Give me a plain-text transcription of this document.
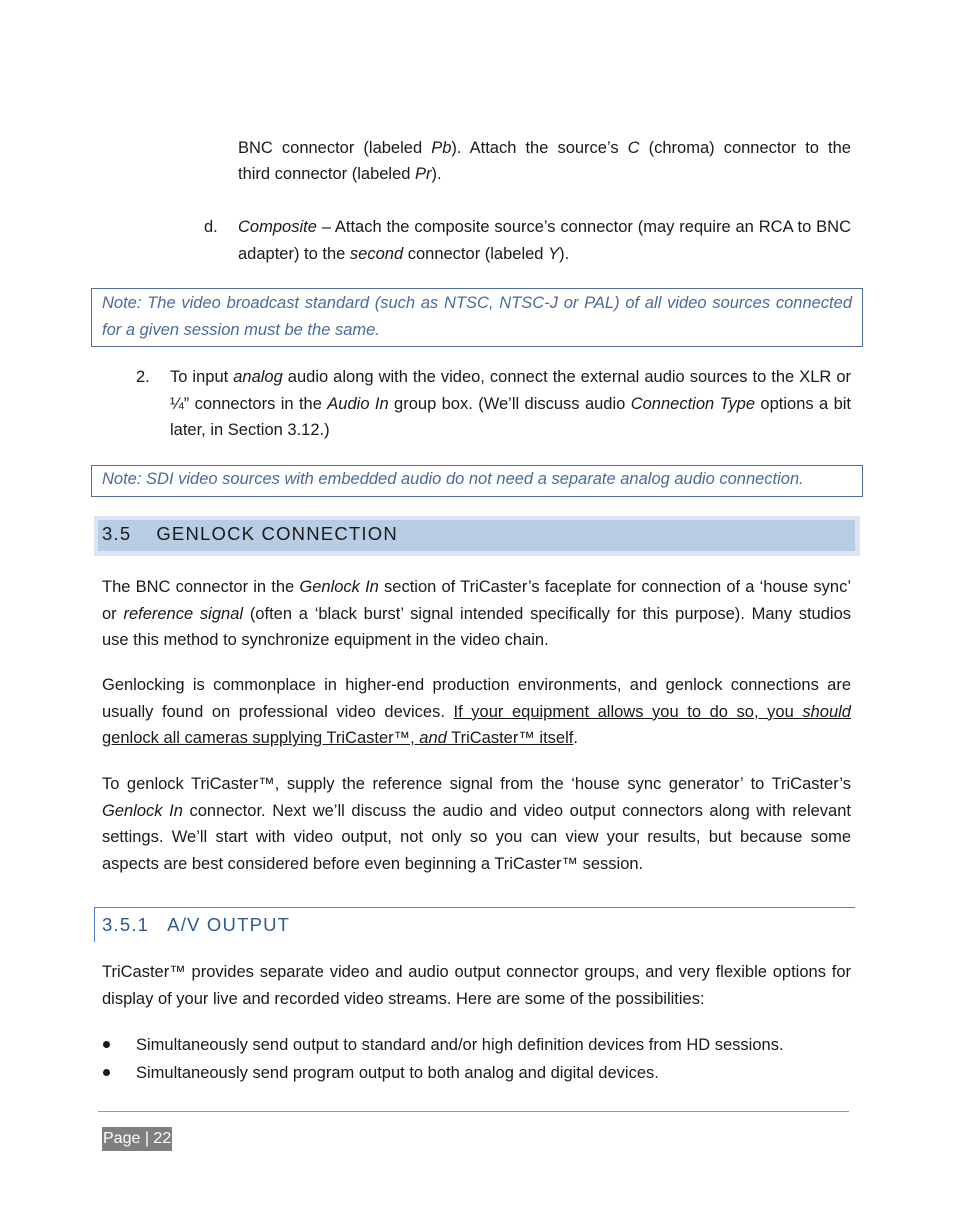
BNC connector (labeled Pb). Attach the source’s C (chroma) connector to the
third connector (labeled Pr).
d. Composite – Attach the composite source’s connector (may require an RCA to BNC adapter) to the second connector (labeled Y).
Note: The video broadcast standard (such as NTSC, NTSC-J or PAL) of all video sources connected for a given session must be the same.
2. To input analog audio along with the video, connect the external audio sources to the XLR or ¼” connectors in the Audio In group box. (We’ll discuss audio Connection Type options a bit later, in Section 3.12.)
Note: SDI video sources with embedded audio do not need a separate analog audio connection.
3.5 GENLOCK CONNECTION
The BNC connector in the Genlock In section of TriCaster’s faceplate for connection of a ‘house sync’ or reference signal (often a ‘black burst’ signal intended specifically for this purpose). Many studios use this method to synchronize equipment in the video chain.
Genlocking is commonplace in higher-end production environments, and genlock connections are usually found on professional video devices. If your equipment allows you to do so, you should genlock all cameras supplying TriCaster™, and TriCaster™ itself.
To genlock TriCaster™, supply the reference signal from the ‘house sync generator’ to TriCaster’s Genlock In connector. Next we’ll discuss the audio and video output connectors along with relevant settings. We’ll start with video output, not only so you can view your results, but because some aspects are best considered before even beginning a TriCaster™ session.
3.5.1 A/V OUTPUT
TriCaster™ provides separate video and audio output connector groups, and very flexible options for display of your live and recorded video streams. Here are some of the possibilities:
Simultaneously send output to standard and/or high definition devices from HD sessions.
Simultaneously send program output to both analog and digital devices.
Page | 22
